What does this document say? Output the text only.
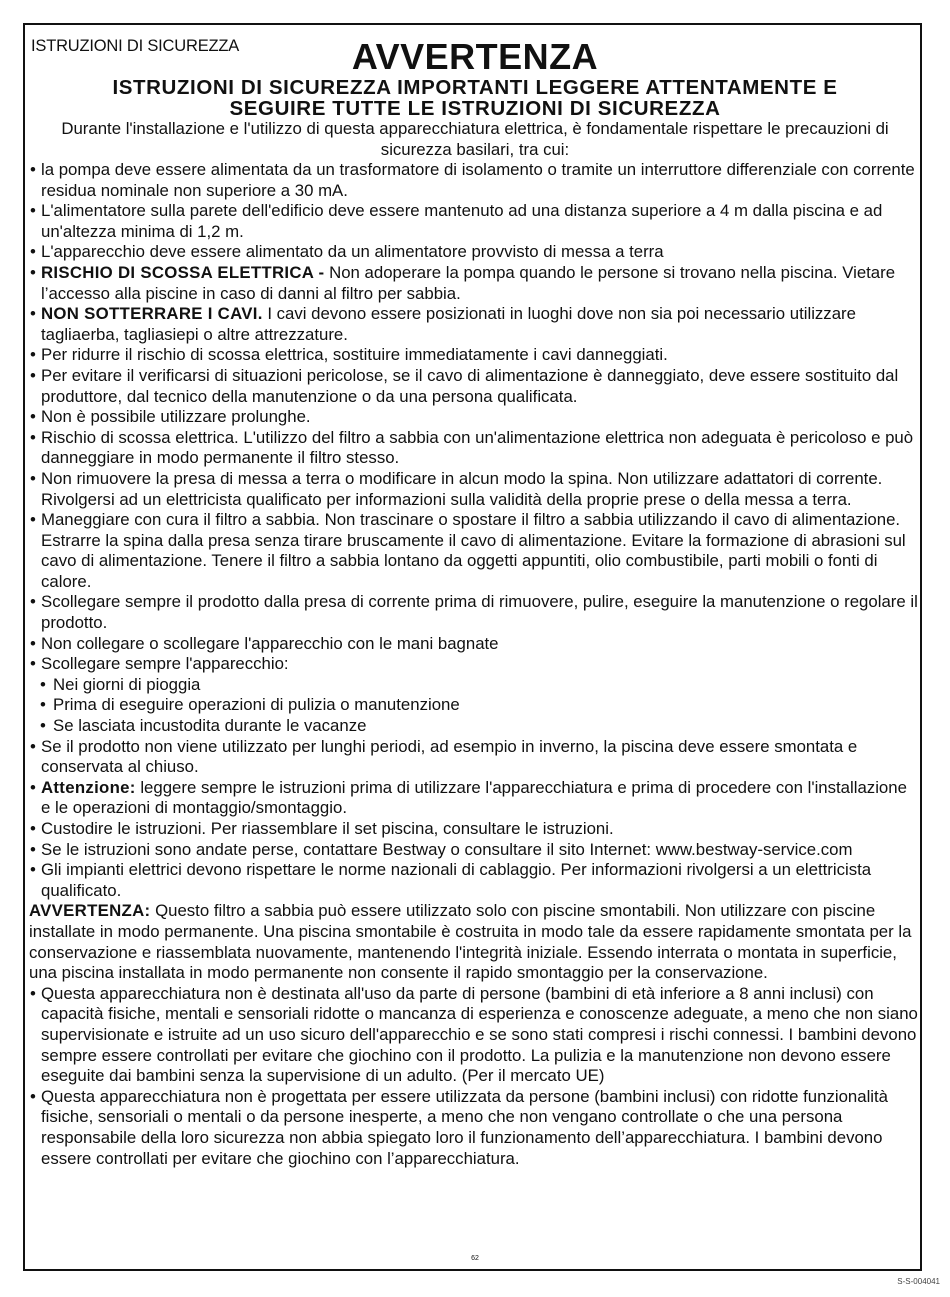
ISTRUZIONI DI SICUREZZA	AVVERTENZA
ISTRUZIONI DI SICUREZZA IMPORTANTI LEGGERE ATTENTAMENTE E
SEGUIRE TUTTE LE ISTRUZIONI DI SICUREZZA
Durante l'installazione e l'utilizzo di questa apparecchiatura elettrica, è fondamentale rispettare le precauzioni di sicurezza basilari, tra cui:
• la pompa deve essere alimentata da un trasformatore di isolamento o tramite un interruttore differenziale con corrente residua nominale non superiore a 30 mA.
• L'alimentatore sulla parete dell'edificio deve essere mantenuto ad una distanza superiore a 4 m dalla piscina e ad un'altezza minima di 1,2 m.
• L'apparecchio deve essere alimentato da un alimentatore provvisto di messa a terra
• RISCHIO DI SCOSSA ELETTRICA - Non adoperare la pompa quando le persone si trovano nella piscina. Vietare l’accesso alla piscine in caso di danni al filtro per sabbia.
• NON SOTTERRARE I CAVI. I cavi devono essere posizionati in luoghi dove non sia poi necessario utilizzare tagliaerba, tagliasiepi o altre attrezzature.
• Per ridurre il rischio di scossa elettrica, sostituire immediatamente i cavi danneggiati.
• Per evitare il verificarsi di situazioni pericolose, se il cavo di alimentazione è danneggiato, deve essere sostituito dal produttore, dal tecnico della manutenzione o da una persona qualificata.
• Non è possibile utilizzare prolunghe.
• Rischio di scossa elettrica. L'utilizzo del filtro a sabbia con un'alimentazione elettrica non adeguata è pericoloso e può danneggiare in modo permanente il filtro stesso.
• Non rimuovere la presa di messa a terra o modificare in alcun modo la spina. Non utilizzare adattatori di corrente. Rivolgersi ad un elettricista qualificato per informazioni sulla validità della proprie prese o della messa a terra.
• Maneggiare con cura il filtro a sabbia. Non trascinare o spostare il filtro a sabbia utilizzando il cavo di alimentazione. Estrarre la spina dalla presa senza tirare bruscamente il cavo di alimentazione. Evitare la formazione di abrasioni sul cavo di alimentazione. Tenere il filtro a sabbia lontano da oggetti appuntiti, olio combustibile, parti mobili o fonti di calore.
• Scollegare sempre il prodotto dalla presa di corrente prima di rimuovere, pulire, eseguire la manutenzione o regolare il prodotto.
• Non collegare o scollegare l'apparecchio con le mani bagnate
• Scollegare sempre l'apparecchio:
• Nei giorni di pioggia
• Prima di eseguire operazioni di pulizia o manutenzione
• Se lasciata incustodita durante le vacanze
• Se il prodotto non viene utilizzato per lunghi periodi, ad esempio in inverno, la piscina deve essere smontata e conservata al chiuso.
• Attenzione: leggere sempre le istruzioni prima di utilizzare l'apparecchiatura e prima di procedere con l'installazione e le operazioni di montaggio/smontaggio.
• Custodire le istruzioni. Per riassemblare il set piscina, consultare le istruzioni.
• Se le istruzioni sono andate perse, contattare Bestway o consultare il sito Internet: www.bestway-service.com
• Gli impianti elettrici devono rispettare le norme nazionali di cablaggio. Per informazioni rivolgersi a un elettricista qualificato.

AVVERTENZA: Questo filtro a sabbia può essere utilizzato solo con piscine smontabili. Non utilizzare con piscine installate in modo permanente. Una piscina smontabile è costruita in modo tale da essere rapidamente smontata per la conservazione e riassemblata nuovamente, mantenendo l'integrità iniziale. Essendo interrata o montata in superficie, una piscina installata in modo permanente non consente il rapido smontaggio per la conservazione.

• Questa apparecchiatura non è destinata all'uso da parte di persone (bambini di età inferiore a 8 anni inclusi) con capacità fisiche, mentali e sensoriali ridotte o mancanza di esperienza e conoscenze adeguate, a meno che non siano supervisionate e istruite ad un uso sicuro dell'apparecchio e se sono stati compresi i rischi connessi. I bambini devono sempre essere controllati per evitare che giochino con il prodotto. La pulizia e la manutenzione non devono essere eseguite dai bambini senza la supervisione di un adulto. (Per il mercato UE)
• Questa apparecchiatura non è progettata per essere utilizzata da persone (bambini inclusi) con ridotte funzionalità fisiche, sensoriali o mentali o da persone inesperte, a meno che non vengano controllate o che una persona responsabile della loro sicurezza non abbia spiegato loro il funzionamento dell’apparecchiatura. I bambini devono essere controllati per evitare che giochino con l’apparecchiatura.
62
S-S-004041
